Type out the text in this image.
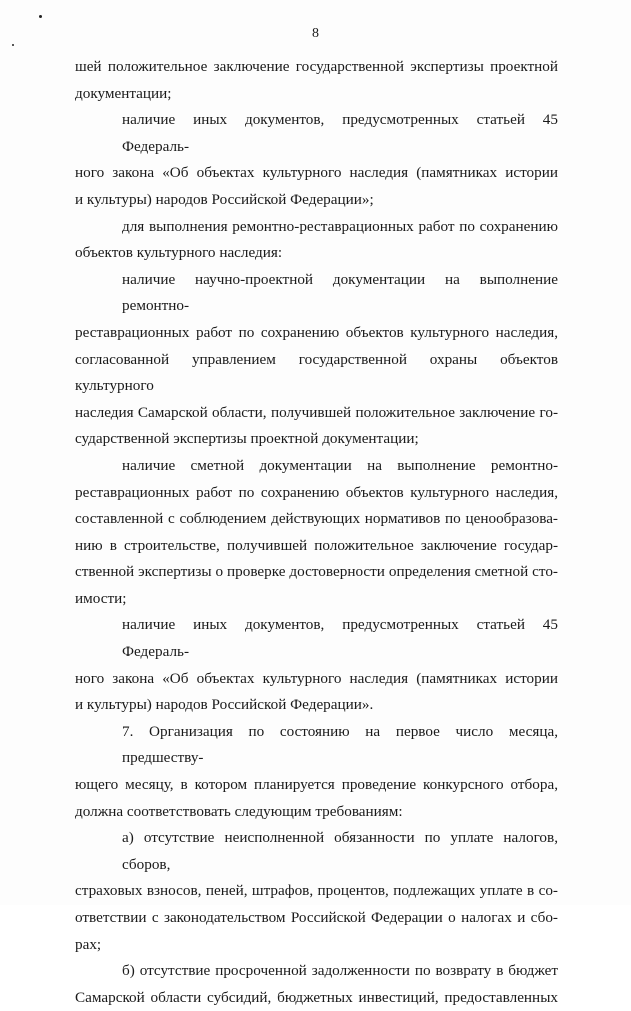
8
шей положительное заключение государственной экспертизы проектной
документации;
наличие иных документов, предусмотренных статьей 45 Федераль-
ного закона «Об объектах культурного наследия (памятниках истории
и культуры) народов Российской Федерации»;
для выполнения ремонтно-реставрационных работ по сохранению
объектов культурного наследия:
наличие научно-проектной документации на выполнение ремонтно-
реставрационных работ по сохранению объектов культурного наследия,
согласованной управлением государственной охраны объектов культурного
наследия Самарской области, получившей положительное заключение го-
сударственной экспертизы проектной документации;
наличие сметной документации на выполнение ремонтно-
реставрационных работ по сохранению объектов культурного наследия,
составленной с соблюдением действующих нормативов по ценообразова-
нию в строительстве, получившей положительное заключение государ-
ственной экспертизы о проверке достоверности определения сметной сто-
имости;
наличие иных документов, предусмотренных статьей 45 Федераль-
ного закона «Об объектах культурного наследия (памятниках истории
и культуры) народов Российской Федерации».
7. Организация по состоянию на первое число месяца, предшеству-
ющего месяцу, в котором планируется проведение конкурсного отбора,
должна соответствовать следующим требованиям:
а) отсутствие неисполненной обязанности по уплате налогов, сборов,
страховых взносов, пеней, штрафов, процентов, подлежащих уплате в со-
ответствии с законодательством Российской Федерации о налогах и сбо-
рах;
б) отсутствие просроченной задолженности по возврату в бюджет
Самарской области субсидий, бюджетных инвестиций, предоставленных
